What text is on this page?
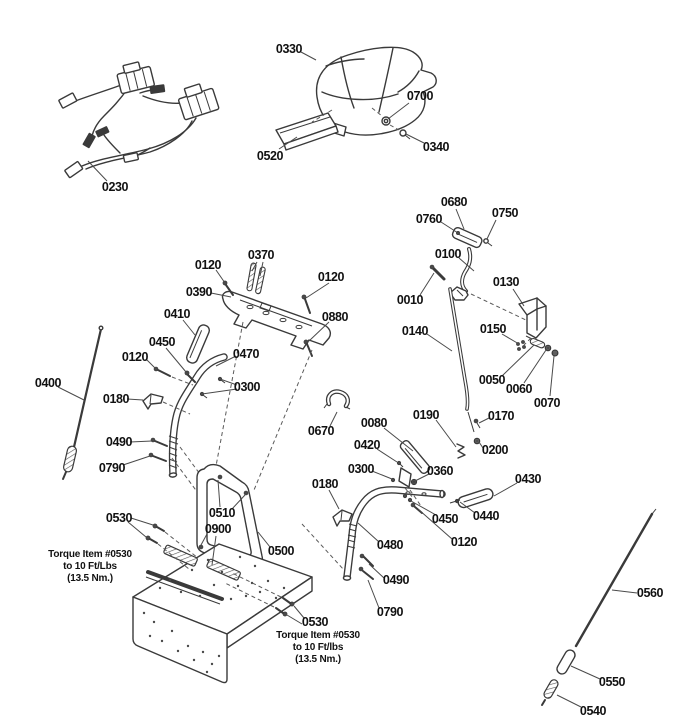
0230
0330
0700
0340
0520
0680
0760	0750
0100
0010
0130
0140	0150
0050
0060
0070
0190	0170
0200
0120
0370
0390
0120
0880
0410
0450
0120	0470
0300
0400
0180
0490
0790
0670
0080
0420
0300	0360
0430
0440
0450
0120
0480
0490
0790
0180
0510
0900
0500
0530
0530
0560
0550
0540
Torque Item #0530
to 10 Ft/Lbs
(13.5 Nm.)
Torque Item #0530
to 10 Ft/lbs
(13.5 Nm.)
